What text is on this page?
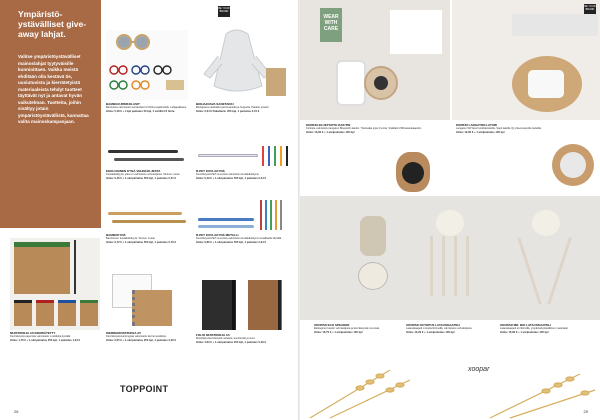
Ympäristö-ystävälliset give-away lahjat.
Valitse ympäristöystävälliset mainoslahjat tyytyväisille kunnioittaen. Vaikka meistä ehditään olla kestävä tie, uusiutuvista ja kierrätetyistä materiaaleista tehdyt tuotteet täyttävät nyt ja antavat hyvän vaikutelman. Tuotteita, joihin sisältyy jotain ympäristöystävällistä, kannattaa valita mainoskampanjaan.
BE YOUR BRAND
BAMBUAURINKOLASIT
Bambusta valmistetut aurinkolasit UV400-suojalinssillä. Lahjapakkaus.
Hinta: 5,48 € + 4 kpl painatus 50 kpl, 4 värillä 0,6 hinta
BIOHAJOAVA SADETAKKI
Biohajoava sadetakki painonapeilla ja huppulla. Pakattu pussiin.
Hinta: 3,34 € Pakattuna: 250 kpl, 1 painatus 3,01 €
EKOLOGINEN KYNÄ VEHNÄOLJESTA
Kuulakärkikynä, joka on valmistettu vehnäoljesta. Sininen muste.
Hinta: 0,46 € + 1-väripainatus 500 kpl, 1 painatus 0,51 €
R-PET KUULAKYNÄ
Kierrätetystä PET-muovista valmistettu kuulakärkikynä.
Hinta: 0,49 € + 1-väripainatus 500 kpl, 1 painatus 0,54 €
BAMBUKYNÄ
Bambuinen kuulakärkikynä. Sininen muste.
Hinta: 0,72 € + 1-väripainatus 500 kpl, 1 painatus 0,79 €
R-PET KUULAKYNÄ METALLI
Kierrätetystä PET-muovista valmistettu kuulakärkikynä metallisella klipsillä.
Hinta: 0,86 € + 1-väripainatus 500 kpl, 1 painatus 0,94 €
MUISTIKIRJA A6 KIERRÄTETTY
Kierrätetystä paperista valmistettu muistikirja kynällä.
Hinta: 1,76 € + 1-väripainatus 250 kpl, 1 painatus 1,94 €
KIERREMUISTIKIRJA A5
Kierrätetystä kartongista valmistettu kierremuistikirja.
Hinta: 2,05 € + 1-väripainatus 250 kpl, 1 painatus 2,26 €
FOLIO MUISTIKIRJA A5
Muistikirja kierrätetystä nahasta, kumilenkki ja sivut.
Hinta: 4,63 € + 1-väripainatus 250 kpl, 1 painatus 5,09 €
TOPPOINT
26
WEAR WITH CARE
BE YOUR BRAND
KORKKI BLUETOOTH KAIUTIN
Korkista valmistettu langaton Bluetooth-kaiutin. Toistoaika jopa 3 tuntia. Sisältää USB-latauskaapelin.
Hinta: 13,90 € + 1-väripainatus 100 kpl
KORKKI LANGATON LATURI
Langaton 5W laturi korkkikotelolla. Sopii kaikille Qi-yhteensopiville laitteille.
Hinta: 12,90 € + 1-väripainatus 100 kpl
XOOPAR ECO SPEAKER
Ekologinen kaiutin vehnäoljesta ja kierrätetystä muovista.
Hinta: 16,70 € + 1-väripainatus 100 kpl
XOOPAR OCTOPUS LATAUSKAAPELI
Latauskaapeli monella liittimellä, valmistettu vehnäoljesta.
Hinta: 13,29 € + 1-väripainatus 100 kpl
XOOPAR MR. BIO LATAUSKAAPELI
Latauskaapeli eri liittimillä, ympäristöystävällinen materiaali.
Hinta: 15,90 € + 1-väripainatus 100 kpl
xoopar
29
